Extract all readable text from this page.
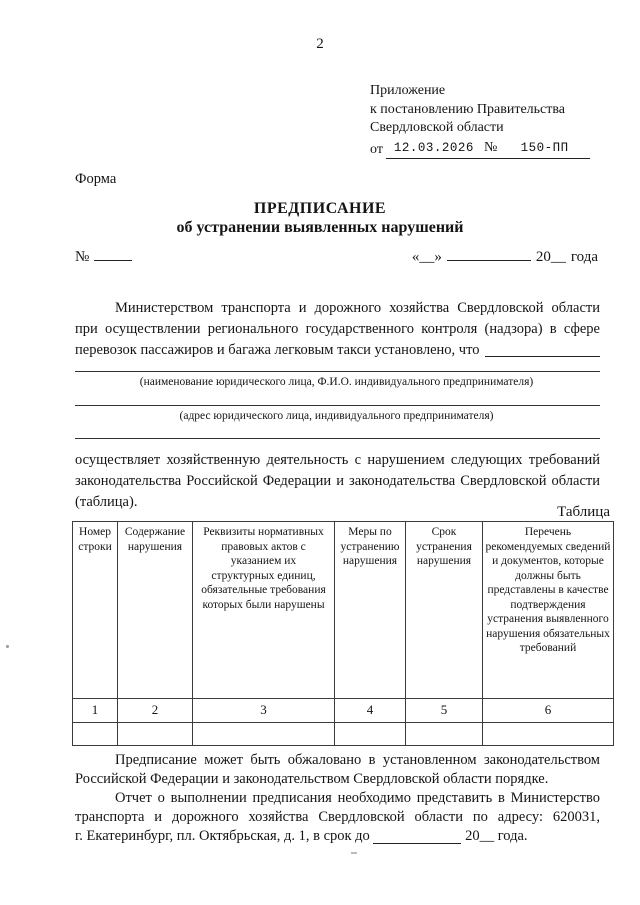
2
Приложение
к постановлению Правительства
Свердловской области
от 12.03.2026 №	150-ПП
Форма
ПРЕДПИСАНИЕ
об устранении выявленных нарушений
№	«__»	20__ года
Министерством транспорта и дорожного хозяйства Свердловской области
при осуществлении регионального государственного контроля (надзора) в сфере
перевозок пассажиров и багажа легковым такси установлено, что
(наименование юридического лица, Ф.И.О. индивидуального предпринимателя)
(адрес юридического лица, индивидуального предпринимателя)
осуществляет хозяйственную деятельность с нарушением следующих требований
законодательства Российской Федерации и законодательства Свердловской области
(таблица).
Таблица
Номер строки	Содержание нарушения	Реквизиты нормативных правовых актов с указанием их структурных единиц, обязательные требования которых были нарушены	Меры по устранению нарушения	Срок устранения нарушения	Перечень рекомендуемых сведений и документов, которые должны быть представлены в качестве подтверждения устранения выявленного нарушения обязательных требований
1	2	3	4	5	6

Предписание может быть обжаловано в установленном законодательством
Российской Федерации и законодательством Свердловской области порядке.
Отчет о выполнении предписания необходимо представить в Министерство
транспорта и дорожного хозяйства Свердловской области по адресу: 620031,
г. Екатеринбург, пл. Октябрьская, д. 1, в срок до	20__ года.
